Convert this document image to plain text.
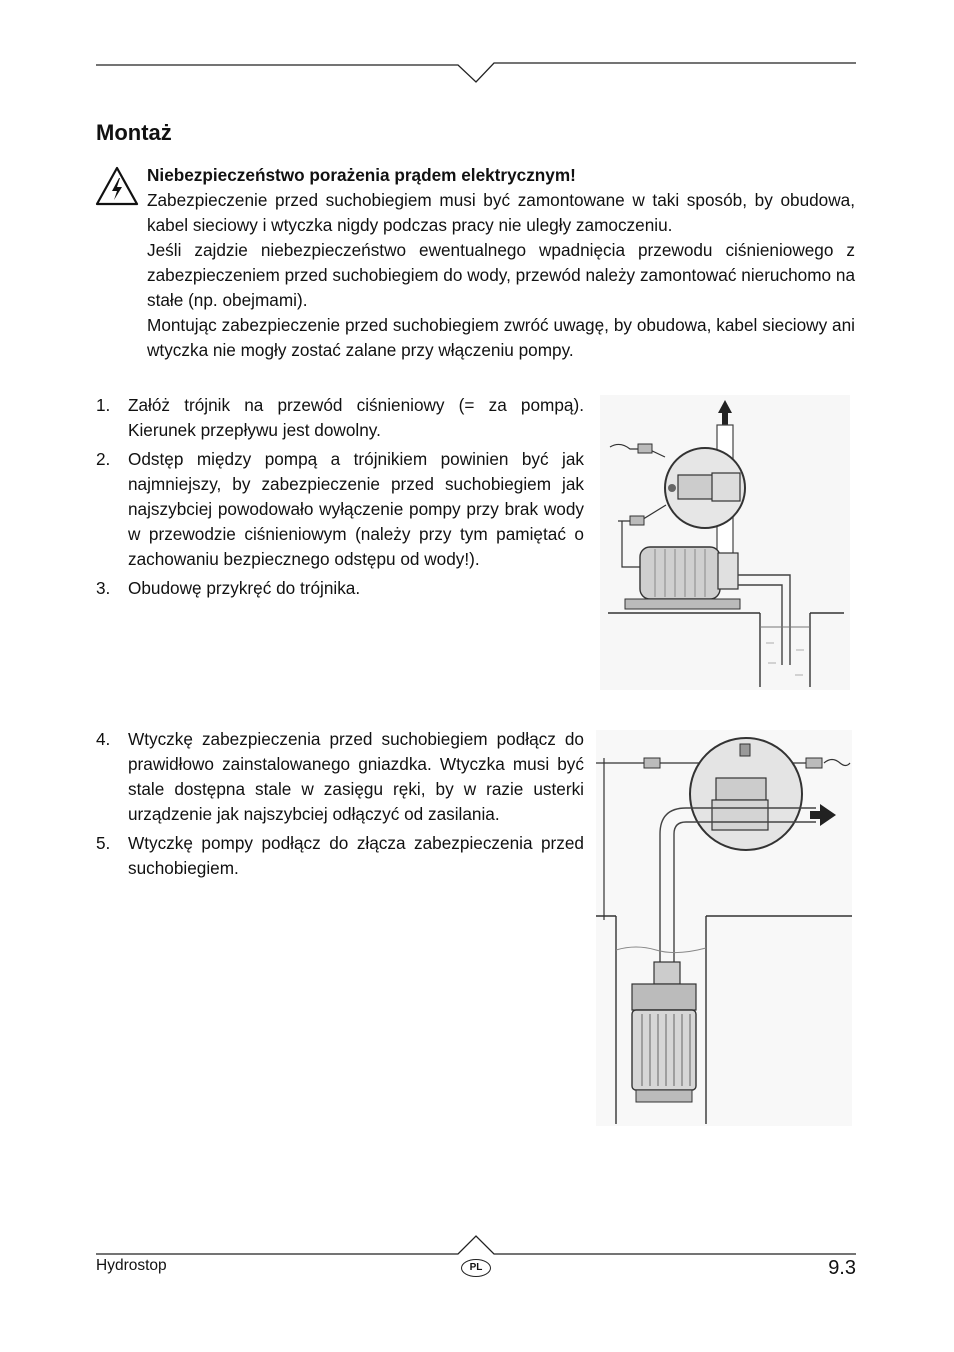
Montaż

Niebezpieczeństwo porażenia prądem elektrycznym!

Zabezpieczenie przed suchobiegiem musi być zamontowane w taki sposób, by obudowa, kabel sieciowy i wtyczka nigdy podczas pracy nie uległy zamoczeniu.

Jeśli zajdzie niebezpieczeństwo ewentualnego wpadnięcia przewodu ciśnieniowego z zabezpieczeniem przed suchobiegiem do wody, przewód należy zamontować nieruchomo na stałe (np. obejmami).

Montując zabezpieczenie przed suchobiegiem zwróć uwagę, by obudowa, kabel sieciowy ani wtyczka nie mogły zostać zalane przy włączeniu pompy.

1. Załóż trójnik na przewód ciśnieniowy (= za pompą). Kierunek przepływu jest dowolny.
2. Odstęp między pompą a trójnikiem powinien być jak najmniejszy, by zabezpieczenie przed suchobiegiem jak najszybciej powodowało wyłączenie pompy przy brak wody w przewodzie ciśnieniowym (należy przy tym pamiętać o zachowaniu bezpiecznego odstępu od wody!).
3. Obudowę przykręć do trójnika.
4. Wtyczkę zabezpieczenia przed suchobiegiem podłącz do prawidłowo zainstalowanego gniazdka. Wtyczka musi być stale dostępna stale w zasięgu ręki, by w razie usterki urządzenie jak najszybciej odłączyć od zasilania.
5. Wtyczkę pompy podłącz do złącza zabezpieczenia przed suchobiegiem.
Hydrostop	PL	9.3
